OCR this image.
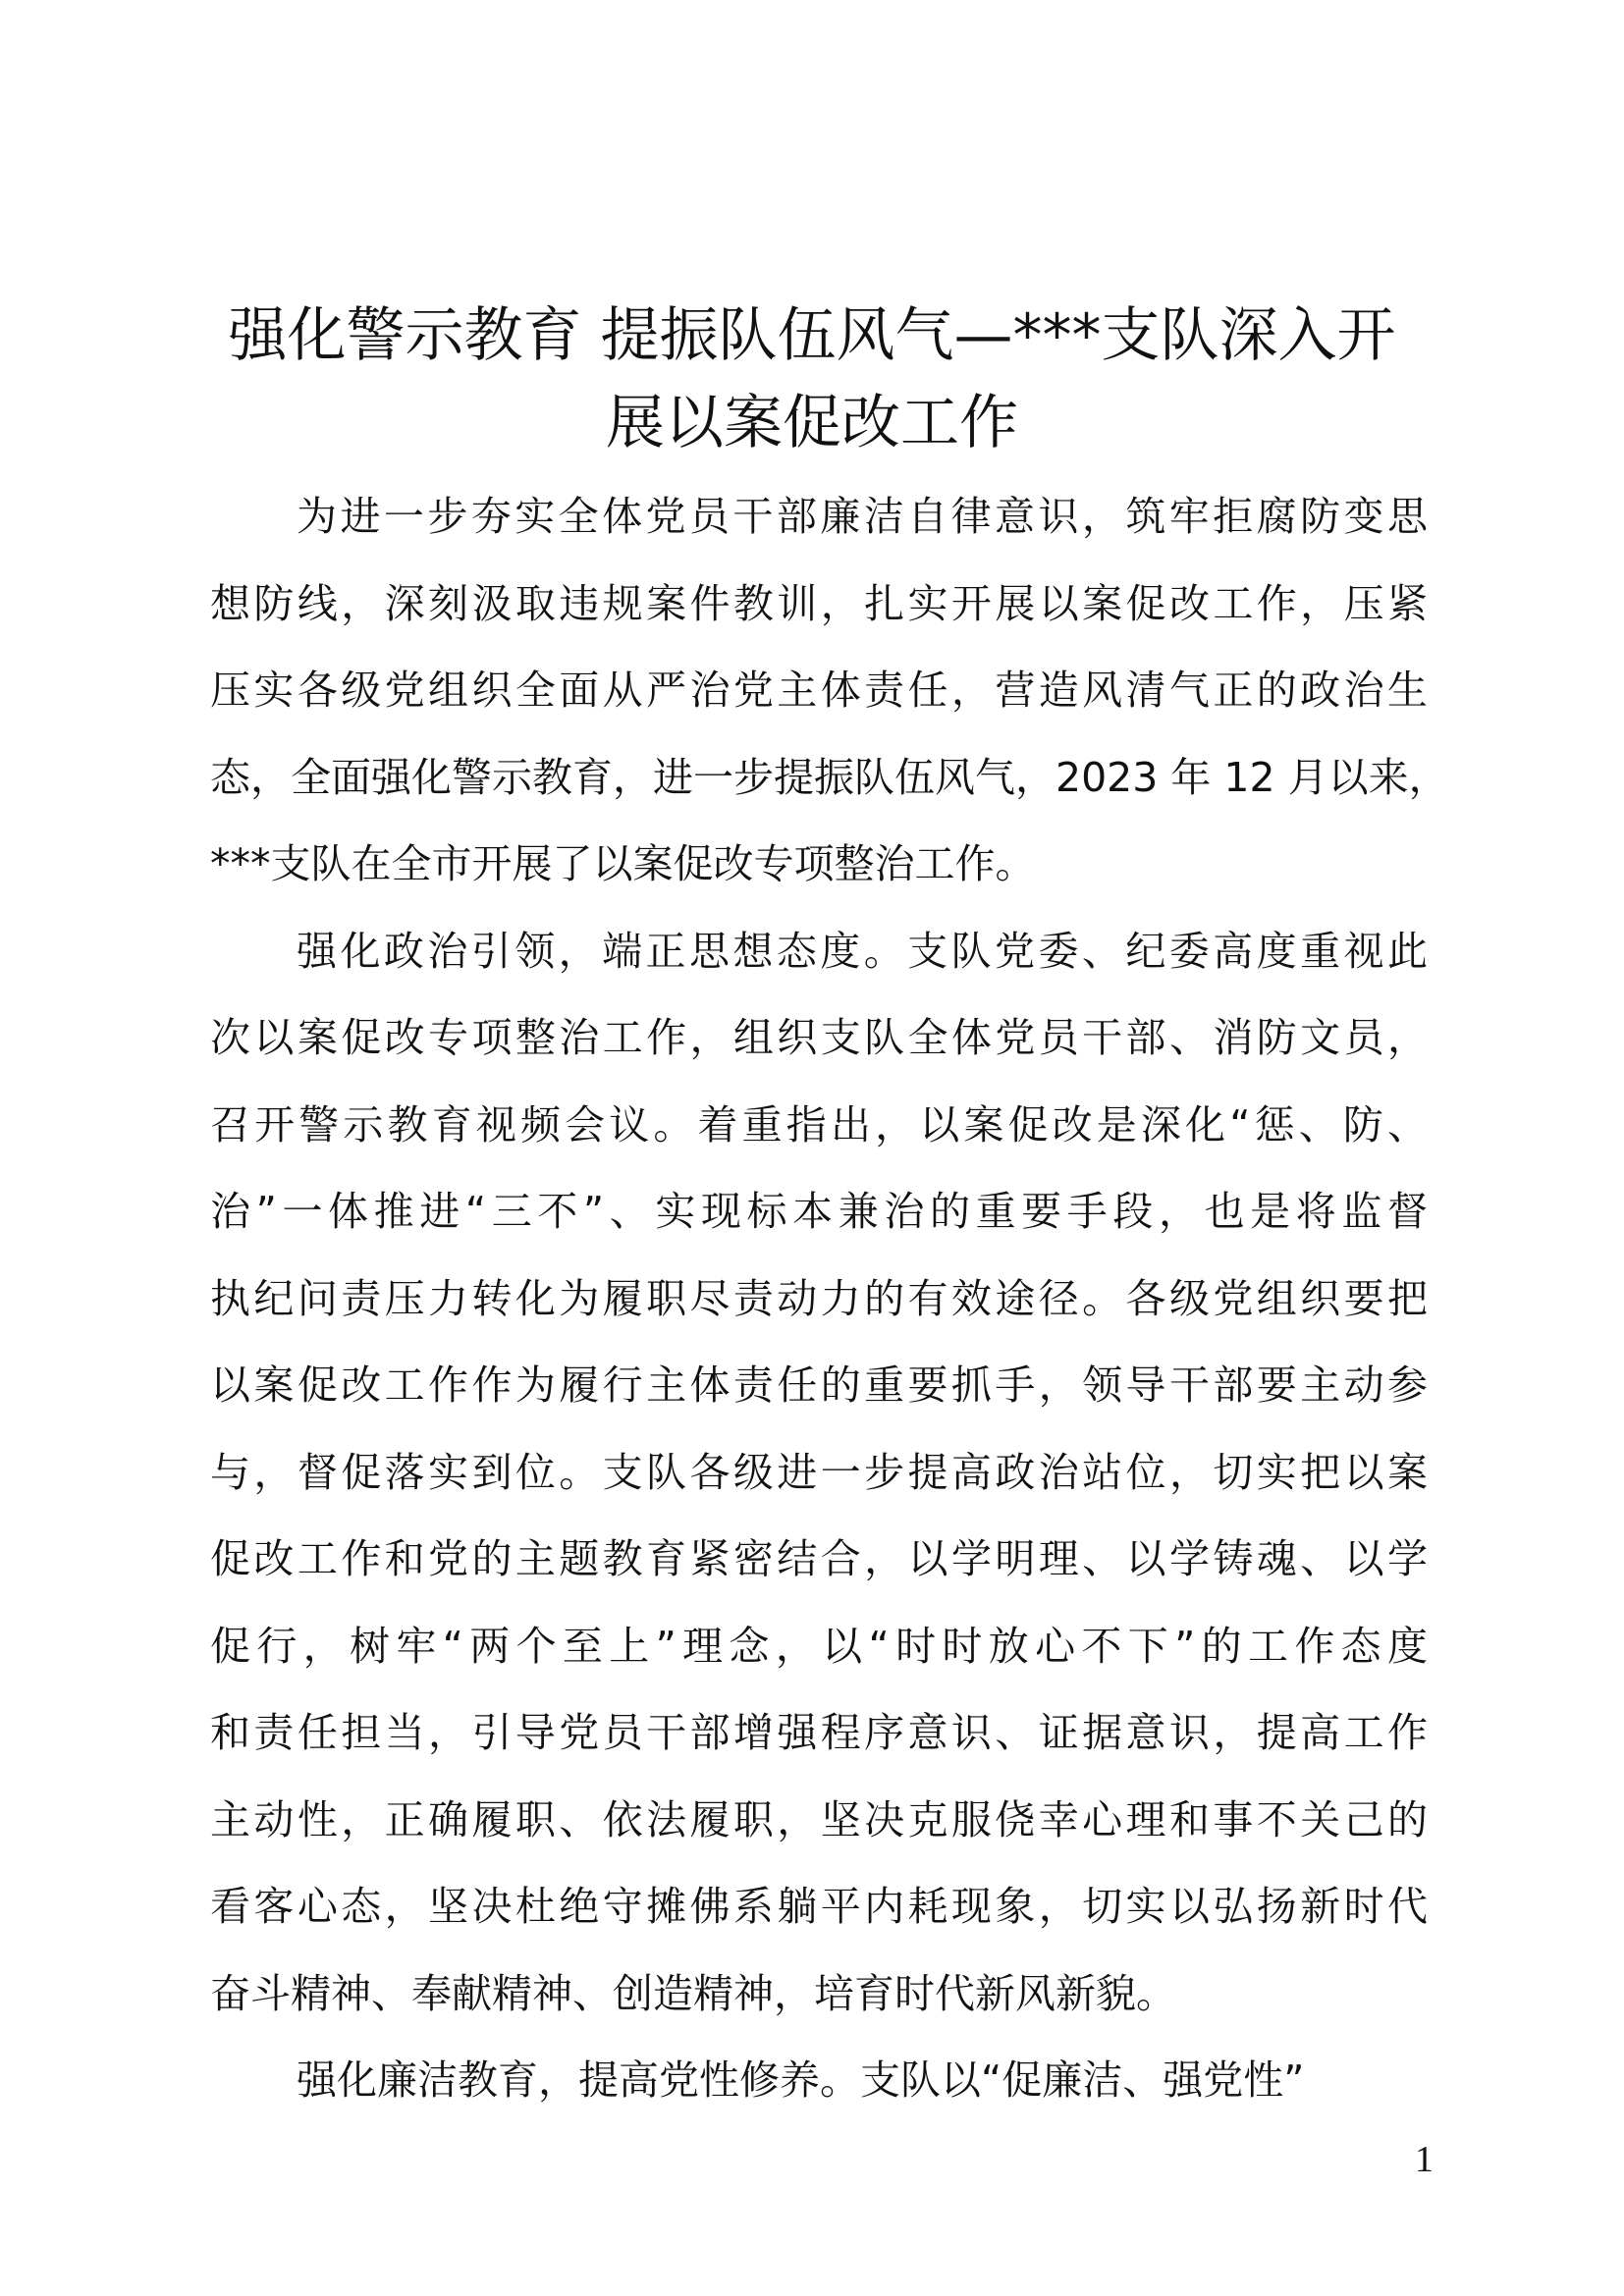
强化警示教育 提振队伍风气—***支队深入开
展以案促改工作

为进一步夯实全体党员干部廉洁自律意识，筑牢拒腐防变思
想防线，深刻汲取违规案件教训，扎实开展以案促改工作，压紧
压实各级党组织全面从严治党主体责任，营造风清气正的政治生
态，全面强化警示教育，进一步提振队伍风气，2023 年 12 月以来，
***支队在全市开展了以案促改专项整治工作。

强化政治引领，端正思想态度。支队党委、纪委高度重视此
次以案促改专项整治工作，组织支队全体党员干部、消防文员，
召开警示教育视频会议。着重指出，以案促改是深化“惩、防、
治”一体推进“三不”、实现标本兼治的重要手段，也是将监督
执纪问责压力转化为履职尽责动力的有效途径。各级党组织要把
以案促改工作作为履行主体责任的重要抓手，领导干部要主动参
与，督促落实到位。支队各级进一步提高政治站位，切实把以案
促改工作和党的主题教育紧密结合，以学明理、以学铸魂、以学
促行，树牢“两个至上”理念，以“时时放心不下”的工作态度
和责任担当，引导党员干部增强程序意识、证据意识，提高工作
主动性，正确履职、依法履职，坚决克服侥幸心理和事不关己的
看客心态，坚决杜绝守摊佛系躺平内耗现象，切实以弘扬新时代
奋斗精神、奉献精神、创造精神，培育时代新风新貌。

强化廉洁教育，提高党性修养。支队以“促廉洁、强党性”

1
